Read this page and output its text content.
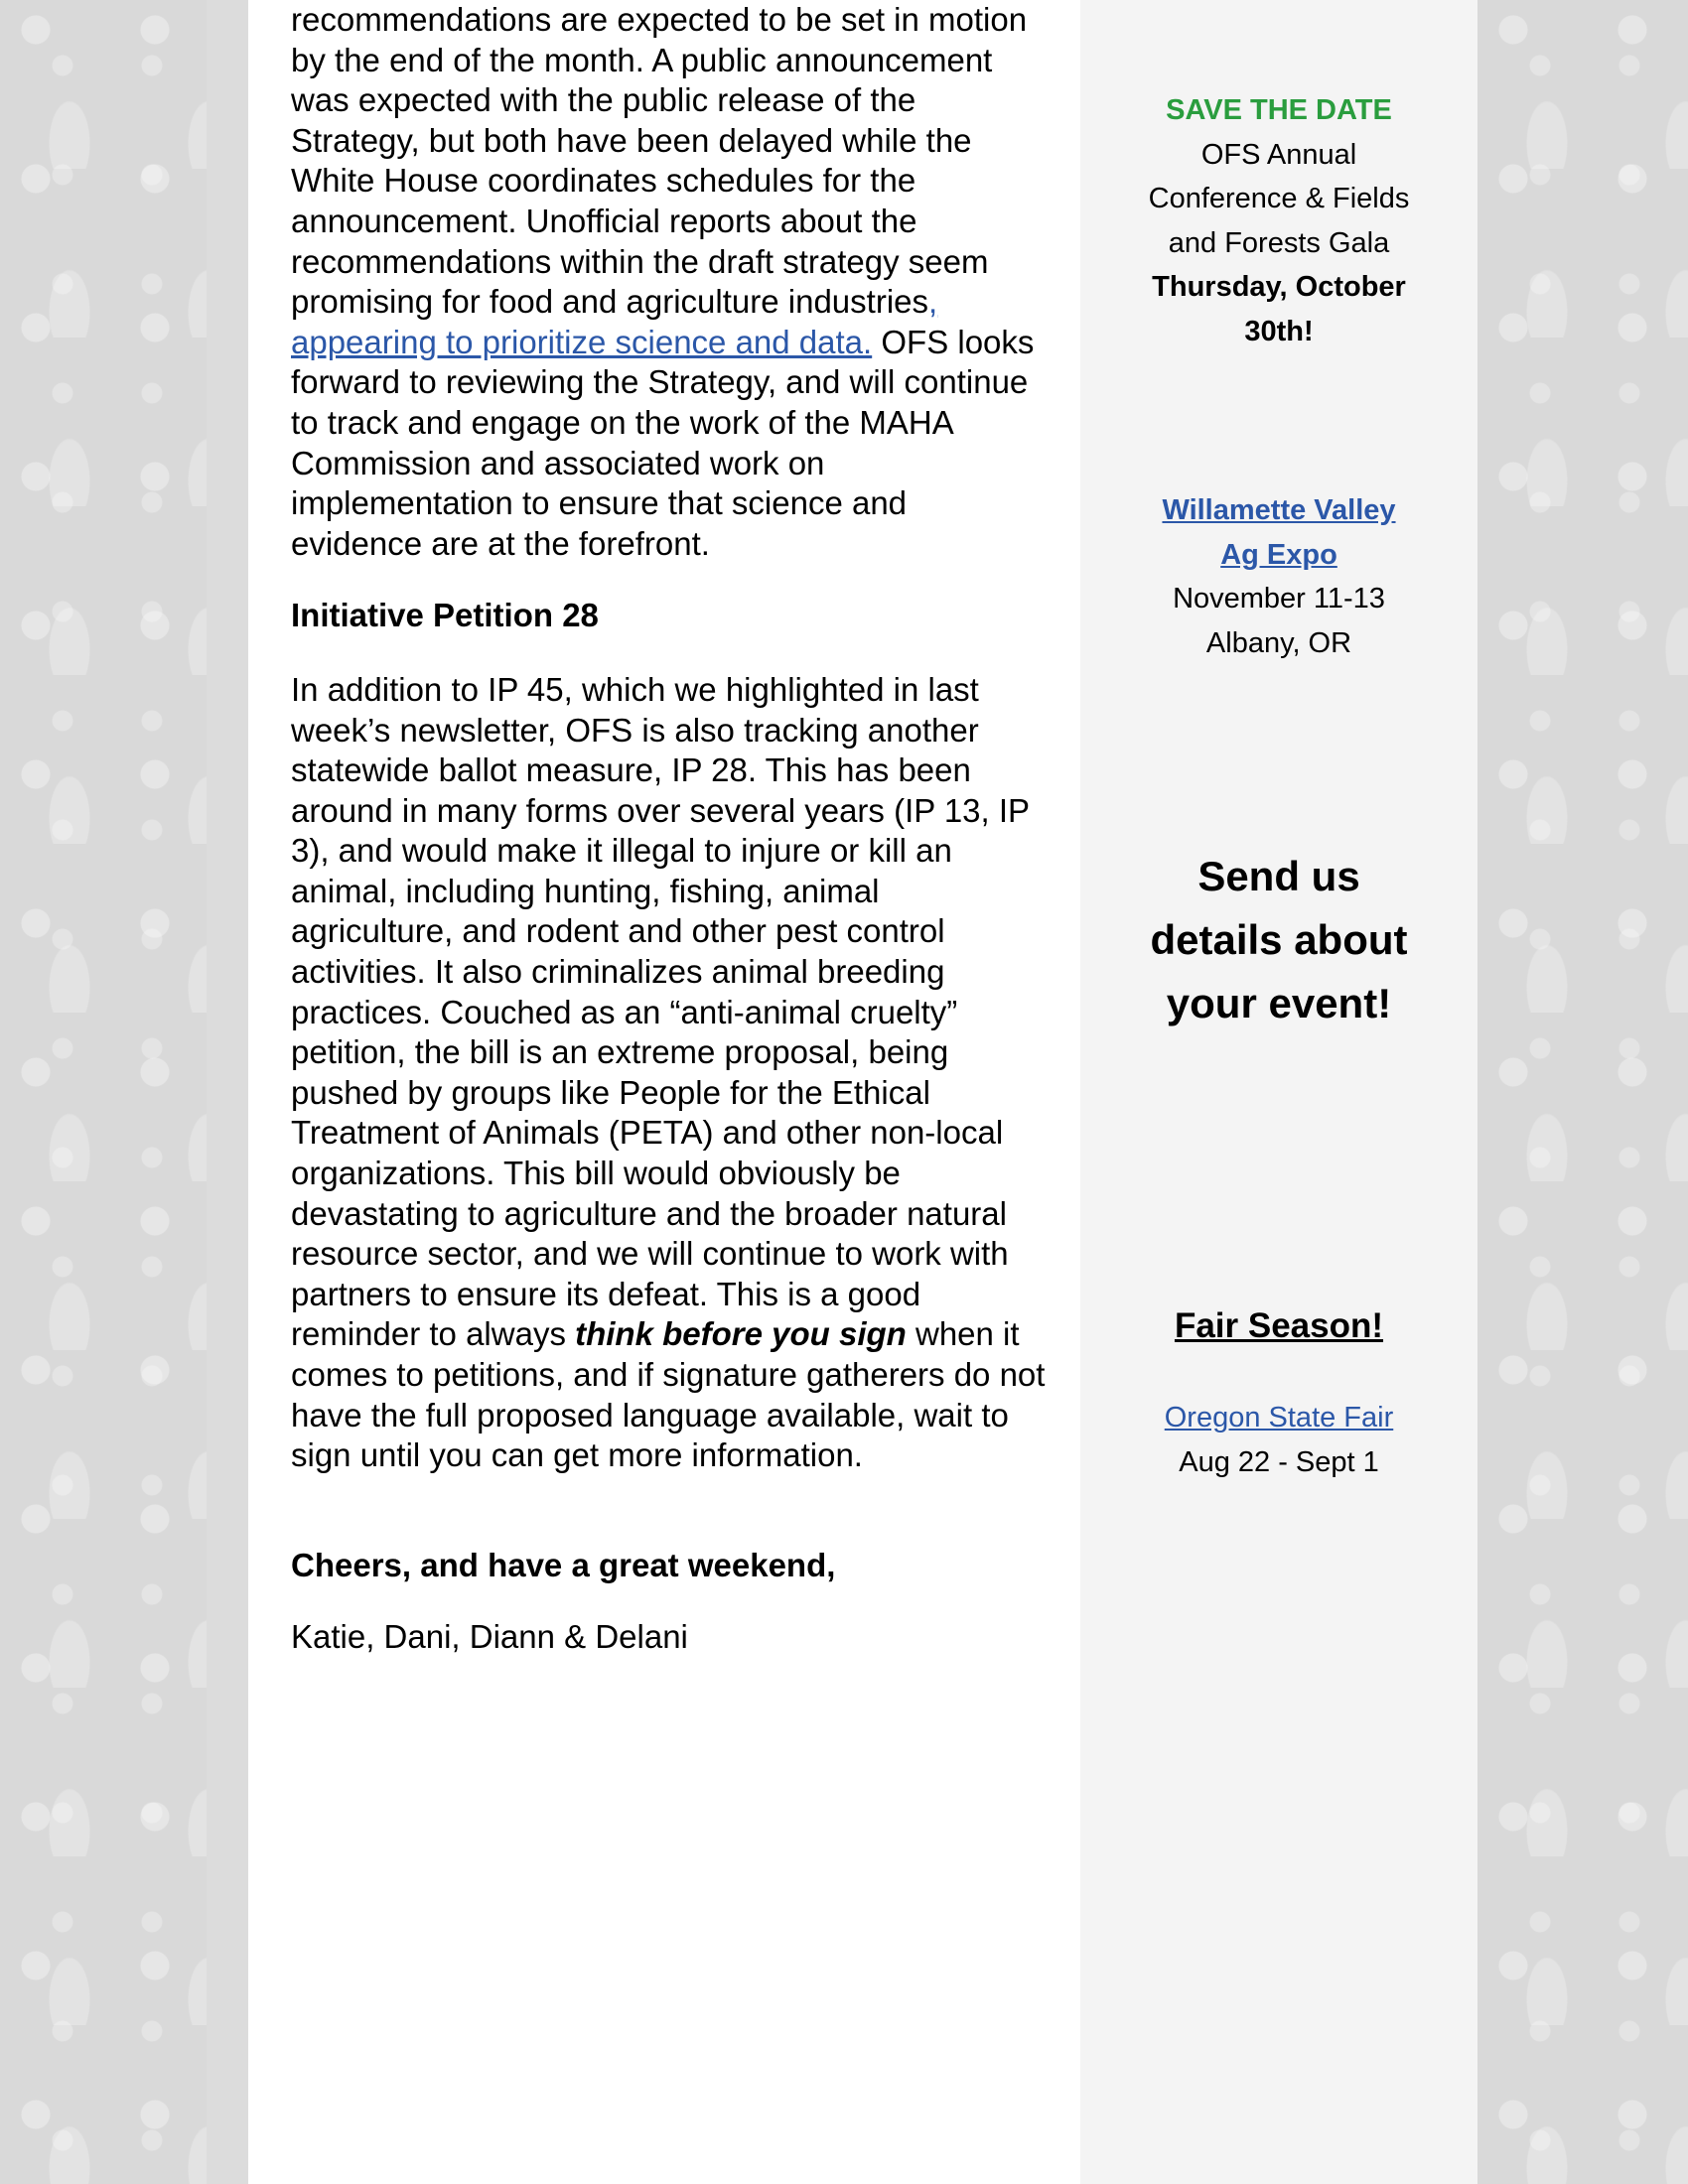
recommendations are expected to be set in motion by the end of the month. A public announcement was expected with the public release of the Strategy, but both have been delayed while the White House coordinates schedules for the announcement. Unofficial reports about the recommendations within the draft strategy seem promising for food and agriculture industries, appearing to prioritize science and data. OFS looks forward to reviewing the Strategy, and will continue to track and engage on the work of the MAHA Commission and associated work on implementation to ensure that science and evidence are at the forefront.

Initiative Petition 28

In addition to IP 45, which we highlighted in last week’s newsletter, OFS is also tracking another statewide ballot measure, IP 28. This has been around in many forms over several years (IP 13, IP 3), and would make it illegal to injure or kill an animal, including hunting, fishing, animal agriculture, and rodent and other pest control activities. It also criminalizes animal breeding practices. Couched as an “anti-animal cruelty” petition, the bill is an extreme proposal, being pushed by groups like People for the Ethical Treatment of Animals (PETA) and other non-local organizations. This bill would obviously be devastating to agriculture and the broader natural resource sector, and we will continue to work with partners to ensure its defeat. This is a good reminder to always think before you sign when it comes to petitions, and if signature gatherers do not have the full proposed language available, wait to sign until you can get more information.

Cheers, and have a great weekend,

Katie, Dani, Diann & Delani

SAVE THE DATE
OFS Annual
Conference & Fields
and Forests Gala
Thursday, October
30th!
Willamette Valley
Ag Expo
November 11-13
Albany, OR
Send us
details about
your event!
Fair Season!
Oregon State Fair
Aug 22 - Sept 1
